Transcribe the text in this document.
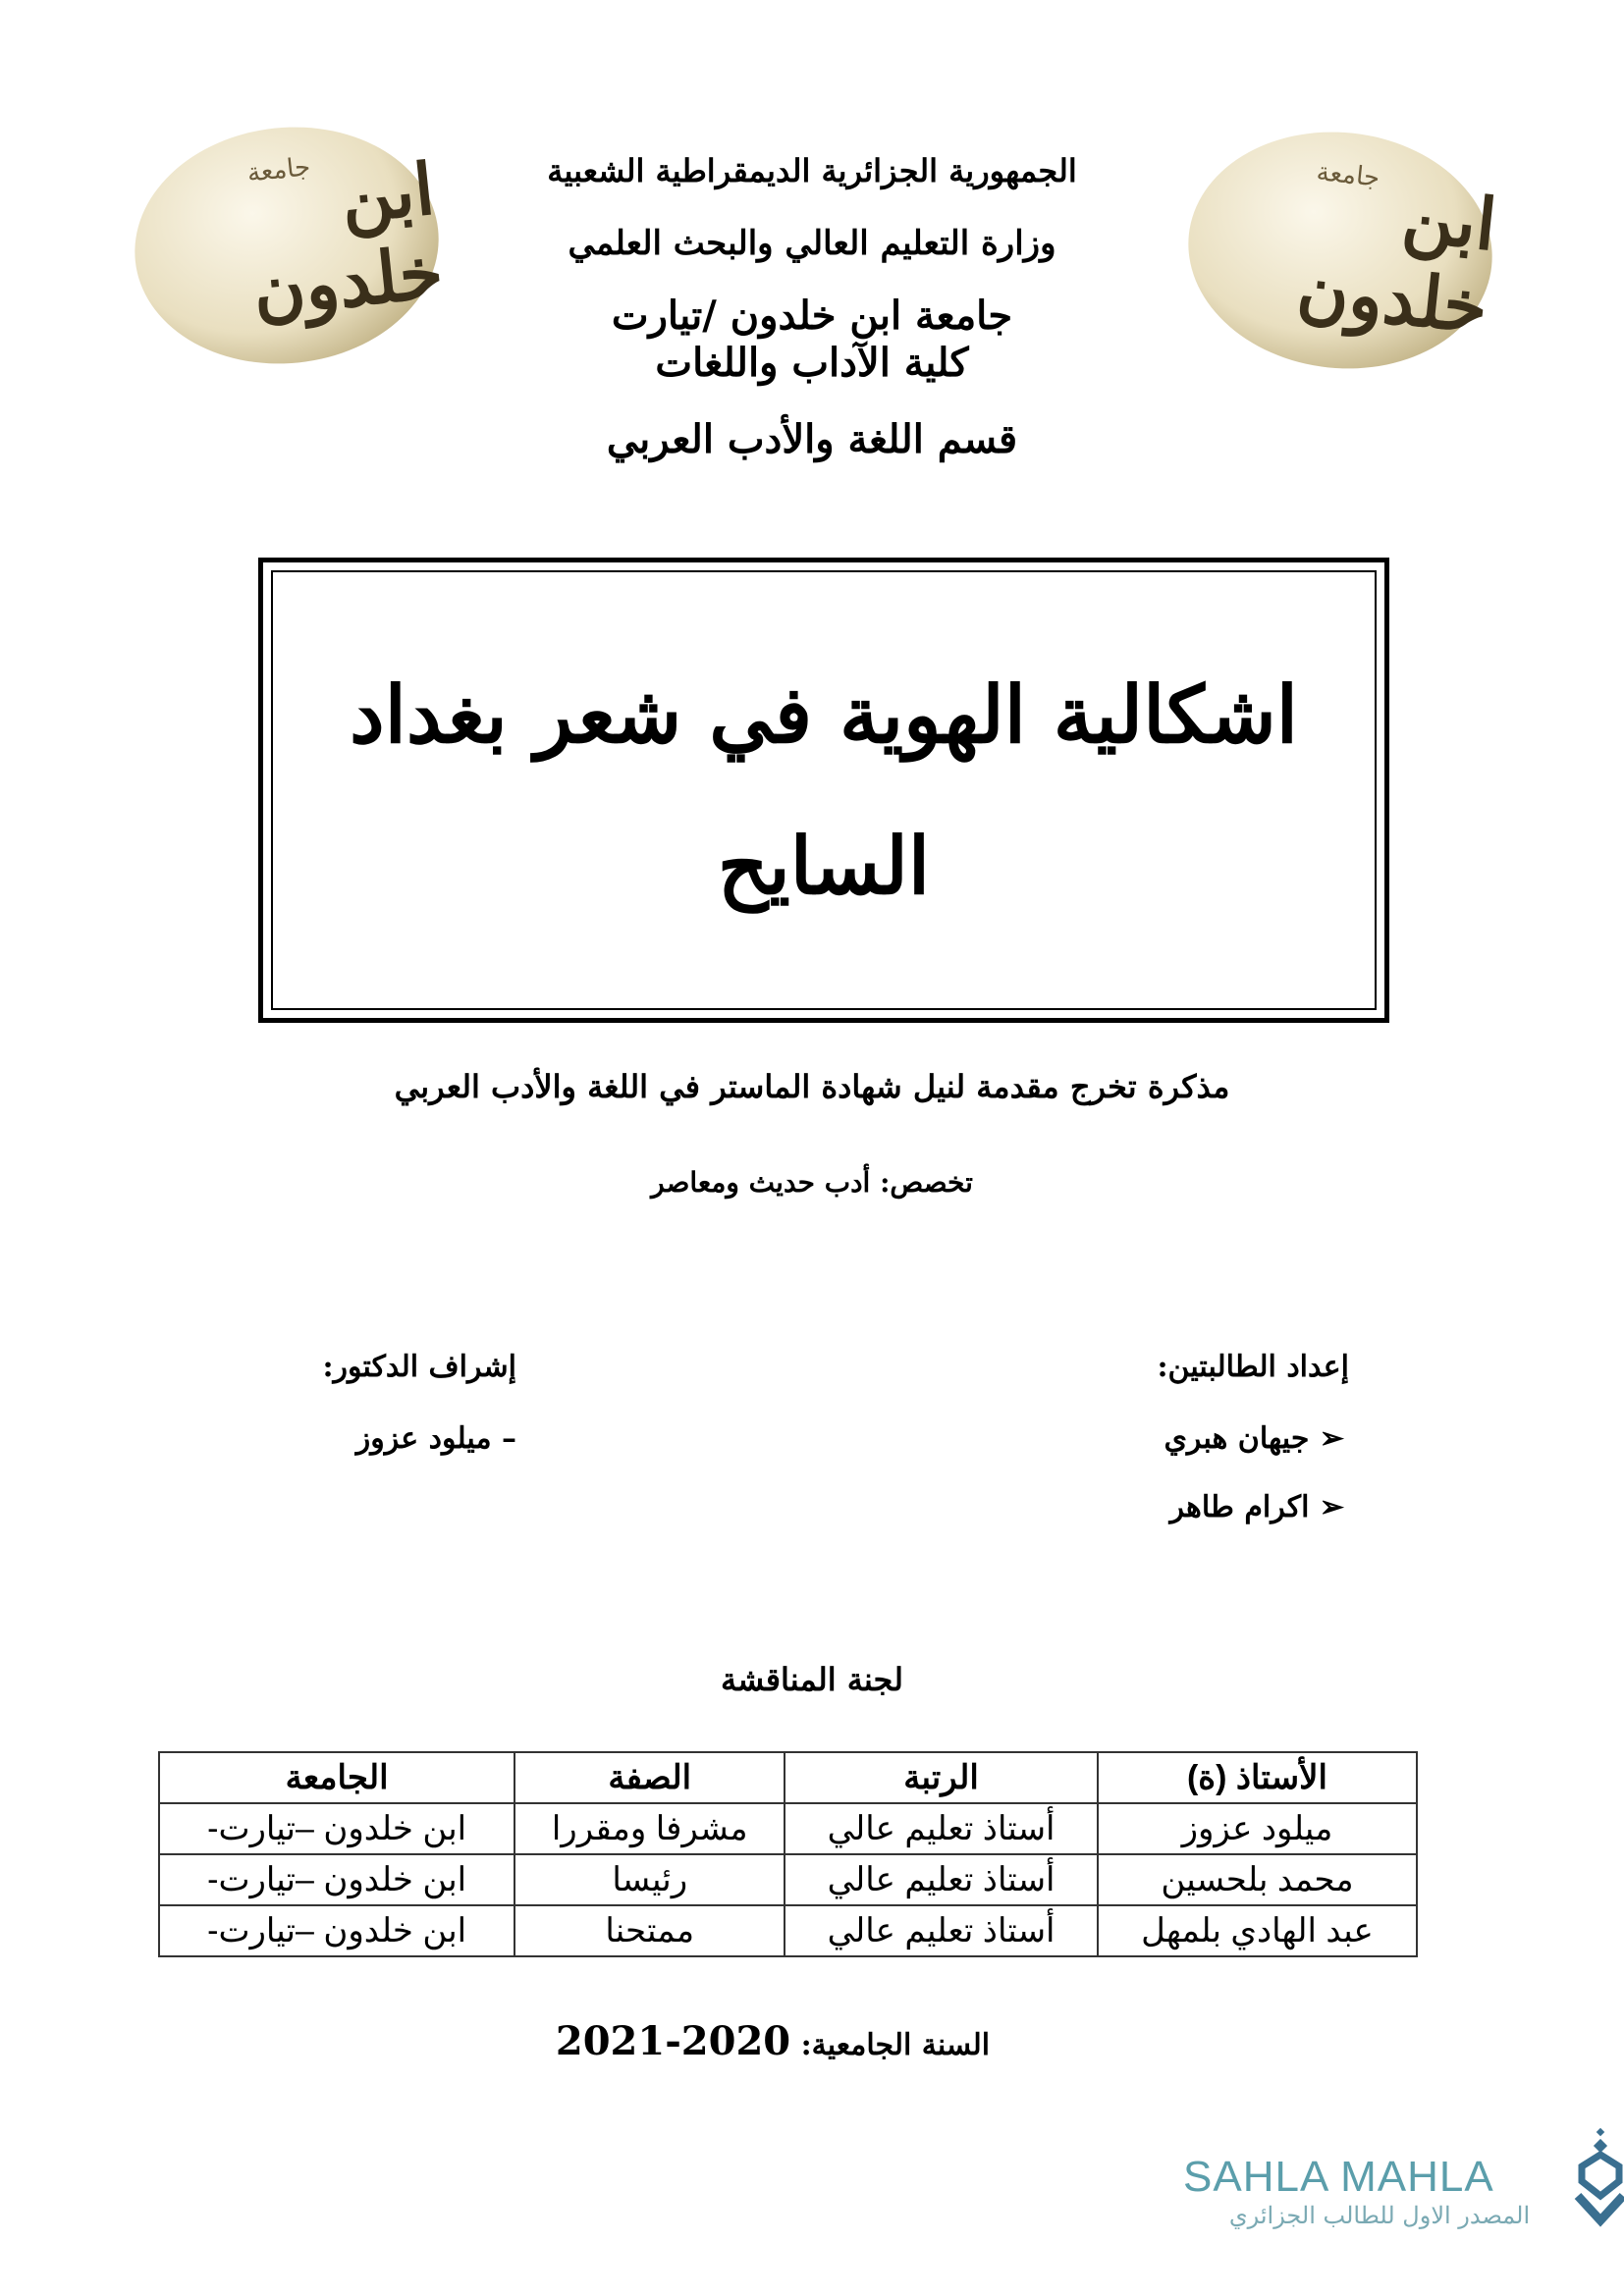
جامعة ابن خلدون
جامعة ابن خلدون
الجمهورية الجزائرية الديمقراطية الشعبية
وزارة التعليم العالي والبحث العلمي
جامعة ابن خلدون /تيارت
كلية الآداب واللغات
قسم اللغة والأدب العربي
اشكالية الهوية في شعر بغداد
السايح
مذكرة تخرج مقدمة لنيل شهادة الماستر في اللغة والأدب العربي
تخصص: أدب حديث ومعاصر
إعداد الطالبتين:
➢ جيهان هبري
➢ اكرام طاهر
إشراف الدكتور:
– ميلود عزوز
لجنة المناقشة
الأستاذ (ة)	الرتبة	الصفة	الجامعة
ميلود عزوز	أستاذ تعليم عالي	مشرفا ومقررا	ابن خلدون –تيارت-
محمد بلحسين	أستاذ تعليم عالي	رئيسا	ابن خلدون –تيارت-
عبد الهادي بلمهل	أستاذ تعليم عالي	ممتحنا	ابن خلدون –تيارت-
السنة الجامعية: 2021-2020
SAHLA MAHLA
المصدر الاول للطالب الجزائري
